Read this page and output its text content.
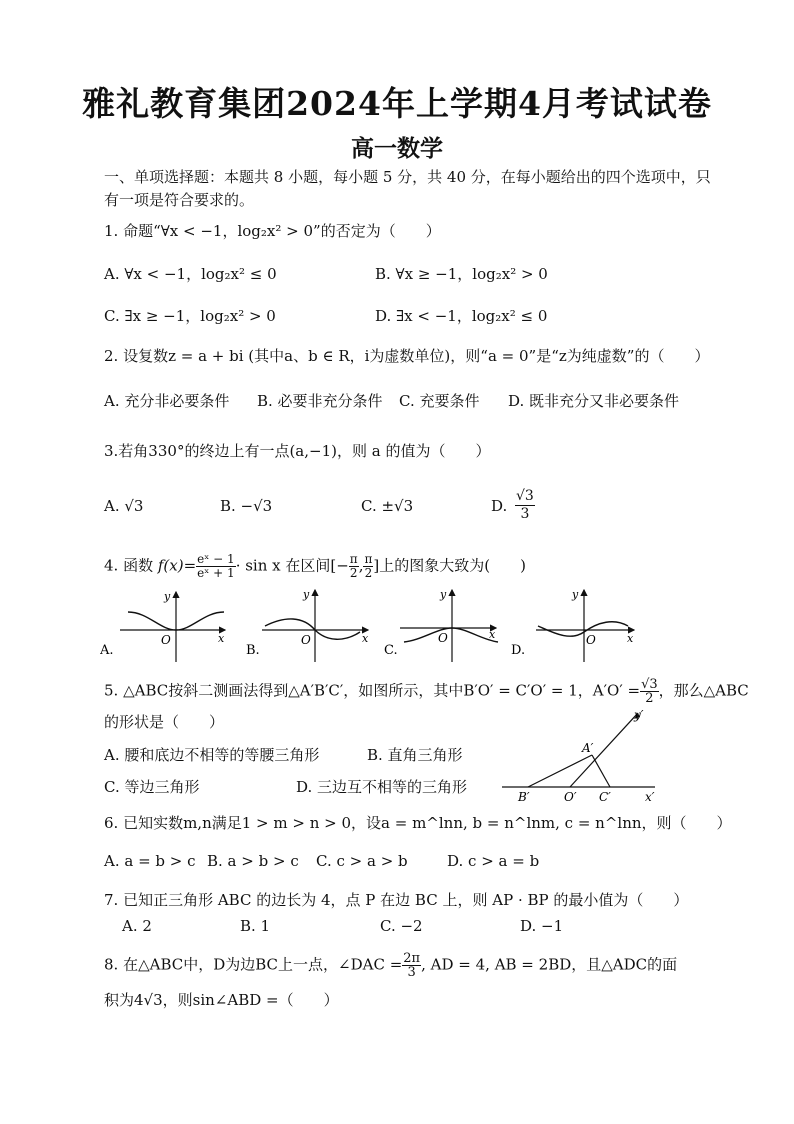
雅礼教育集团2024年上学期4月考试试卷
高一数学
一、单项选择题：本题共 8 小题，每小题 5 分，共 40 分，在每小题给出的四个选项中，只
有一项是符合要求的。
1. 命题“∀x < −1，log₂x² > 0”的否定为（　　）
A. ∀x < −1，log₂x² ≤ 0	B. ∀x ≥ −1，log₂x² > 0
C. ∃x ≥ −1，log₂x² > 0	D. ∃x < −1，log₂x² ≤ 0
2. 设复数z = a + bi (其中a、b ∈ R，i为虚数单位)，则“a = 0”是“z为纯虚数”的（　　）
A. 充分非必要条件 B. 必要非充分条件 C. 充要条件 D. 既非充分又非必要条件
3.若角330°的终边上有一点(a,−1)，则 a 的值为（　　）
A. √3	B. −√3	C. ±√3	D. $\frac{√3}{3}$
4. 函数 $f(x)= \frac{\text{eˣ − 1}}{\text{eˣ + 1}} \cdot \sin x$ 在区间[− $\frac{\pi}{2}$ , $\frac{\pi}{2}$ ]上的图象大致为(　　)
A.
O	x
y
O	x
y
B.
O	x
y
C.
O	x
y
D.
5. △ABC按斜二测画法得到△A′B′C′，如图所示，其中B′O′ = C′O′ = 1，$A'O' = \frac{√3}{2}$ ，那么△ABC
的形状是（　　）
A. 腰和底边不相等的等腰三角形	B. 直角三角形
C. 等边三角形	D. 三边互不相等的三角形
A′
B′	O′ C′	x′
y′
6. 已知实数m,n满足1 > m > n > 0，设a = m^lnn, b = n^lnm, c = n^lnn，则（　　）
A. a = b > c B. a > b > c C. c > a > b	D. c > a = b
7. 已知正三角形 ABC 的边长为 4，点 P 在边 BC 上，则 AP · BP 的最小值为（　　）
A. 2	B. 1	C. −2	D. −1
8. 在△ABC中，D为边BC上一点，∠DAC = $\frac{2\pi}{3}$ , AD = 4, AB = 2BD，且△ADC的面
积为4√3，则sin∠ABD =（　　）
